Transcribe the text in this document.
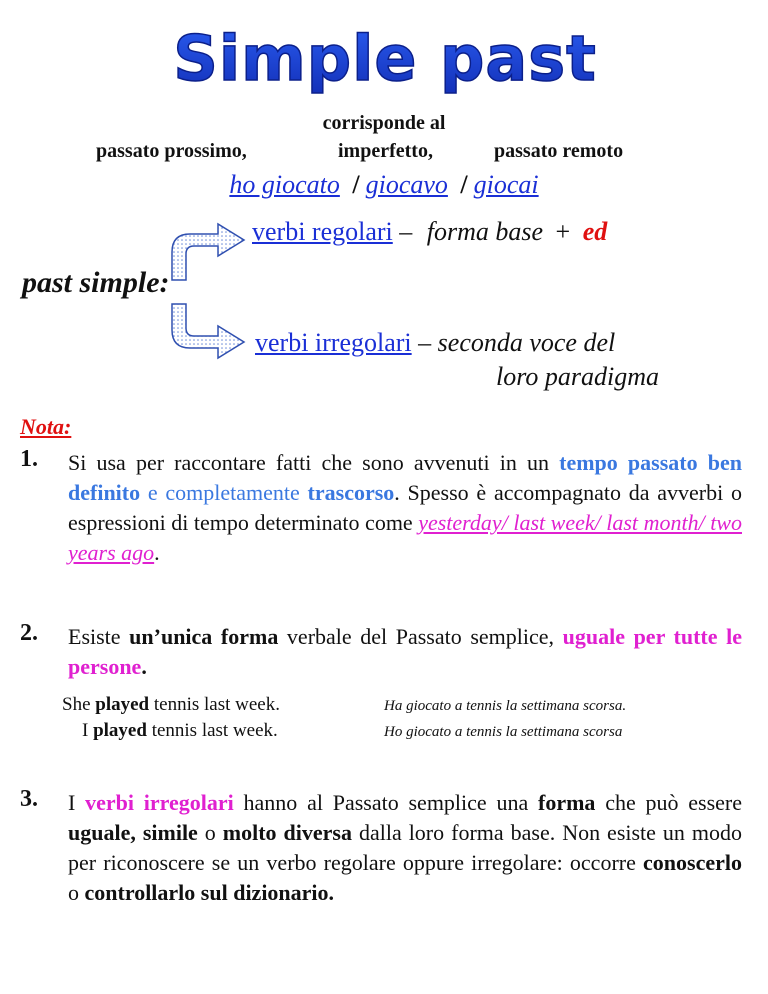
Simple past
corrisponde al
passato prossimo,	imperfetto,	passato remoto
ho giocato / giocavo / giocai
verbi regolari – forma base + ed
past simple:
verbi irregolari – seconda voce del
loro paradigma
Nota:
1. Si usa per raccontare fatti che sono avvenuti in un tempo passato ben definito e completamente trascorso. Spesso è accompagnato da avverbi o espressioni di tempo determinato come yesterday/ last week/ last month/ two years ago.
2. Esiste un’unica forma verbale del Passato semplice, uguale per tutte le persone.
She played tennis last week.	Ha giocato a tennis la settimana scorsa.
I played tennis last week.	Ho giocato a tennis la settimana scorsa
3. I verbi irregolari hanno al Passato semplice una forma che può essere uguale, simile o molto diversa dalla loro forma base. Non esiste un modo per riconoscere se un verbo regolare oppure irregolare: occorre conoscerlo o controllarlo sul dizionario.
